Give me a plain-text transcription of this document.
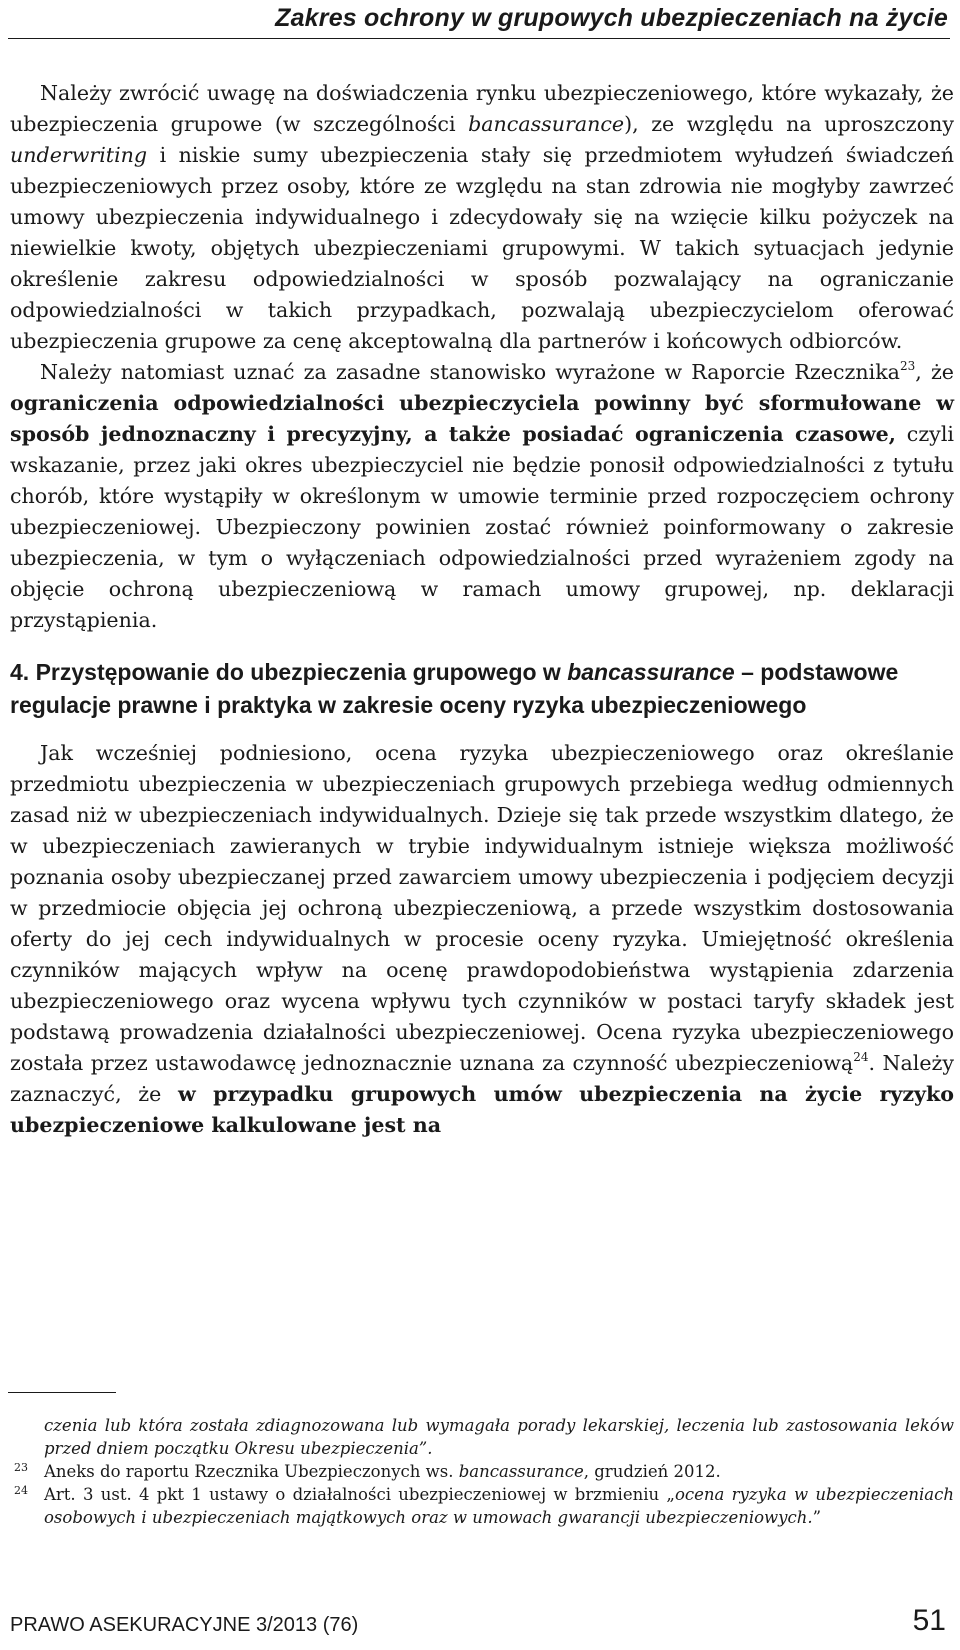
Zakres ochrony w grupowych ubezpieczeniach na życie

Należy zwrócić uwagę na doświadczenia rynku ubezpieczeniowego, które wykazały, że ubezpieczenia grupowe (w szczególności bancassurance), ze względu na uproszczony underwriting i niskie sumy ubezpieczenia stały się przedmiotem wyłudzeń świadczeń ubezpieczeniowych przez osoby, które ze względu na stan zdrowia nie mogłyby zawrzeć umowy ubezpieczenia indywidualnego i zdecydowały się na wzięcie kilku pożyczek na niewielkie kwoty, objętych ubezpieczeniami grupowymi. W takich sytuacjach jedynie określenie zakresu odpowiedzialności w sposób pozwalający na ograniczanie odpowiedzialności w takich przypadkach, pozwalają ubezpieczycielom oferować ubezpieczenia grupowe za cenę akceptowalną dla partnerów i końcowych odbiorców.

Należy natomiast uznać za zasadne stanowisko wyrażone w Raporcie Rzecznika$^{23}$, że ograniczenia odpowiedzialności ubezpieczyciela powinny być sformułowane w sposób jednoznaczny i precyzyjny, a także posiadać ograniczenia czasowe, czyli wskazanie, przez jaki okres ubezpieczyciel nie będzie ponosił odpowiedzialności z tytułu chorób, które wystąpiły w określonym w umowie terminie przed rozpoczęciem ochrony ubezpieczeniowej. Ubezpieczony powinien zostać również poinformowany o zakresie ubezpieczenia, w tym o wyłączeniach odpowiedzialności przed wyrażeniem zgody na objęcie ochroną ubezpieczeniową w ramach umowy grupowej, np. deklaracji przystąpienia.

4. Przystępowanie do ubezpieczenia grupowego w bancassurance – podstawowe regulacje prawne i praktyka w zakresie oceny ryzyka ubezpieczeniowego

Jak wcześniej podniesiono, ocena ryzyka ubezpieczeniowego oraz określanie przedmiotu ubezpieczenia w ubezpieczeniach grupowych przebiega według odmiennych zasad niż w ubezpieczeniach indywidualnych. Dzieje się tak przede wszystkim dlatego, że w ubezpieczeniach zawieranych w trybie indywidualnym istnieje większa możliwość poznania osoby ubezpieczanej przed zawarciem umowy ubezpieczenia i podjęciem decyzji w przedmiocie objęcia jej ochroną ubezpieczeniową, a przede wszystkim dostosowania oferty do jej cech indywidualnych w procesie oceny ryzyka. Umiejętność określenia czynników mających wpływ na ocenę prawdopodobieństwa wystąpienia zdarzenia ubezpieczeniowego oraz wycena wpływu tych czynników w postaci taryfy składek jest podstawą prowadzenia działalności ubezpieczeniowej. Ocena ryzyka ubezpieczeniowego została przez ustawodawcę jednoznacznie uznana za czynność ubezpieczeniową$^{24}$. Należy zaznaczyć, że w przypadku grupowych umów ubezpieczenia na życie ryzyko ubezpieczeniowe kalkulowane jest na

czenia lub która została zdiagnozowana lub wymagała porady lekarskiej, leczenia lub zastosowania leków przed dniem początku Okresu ubezpieczenia”.
23 Aneks do raportu Rzecznika Ubezpieczonych ws. bancassurance, grudzień 2012.
24 Art. 3 ust. 4 pkt 1 ustawy o działalności ubezpieczeniowej w brzmieniu „ocena ryzyka w ubezpieczeniach osobowych i ubezpieczeniach majątkowych oraz w umowach gwarancji ubezpieczeniowych.”
PRAWO ASEKURACYJNE 3/2013 (76)	51
